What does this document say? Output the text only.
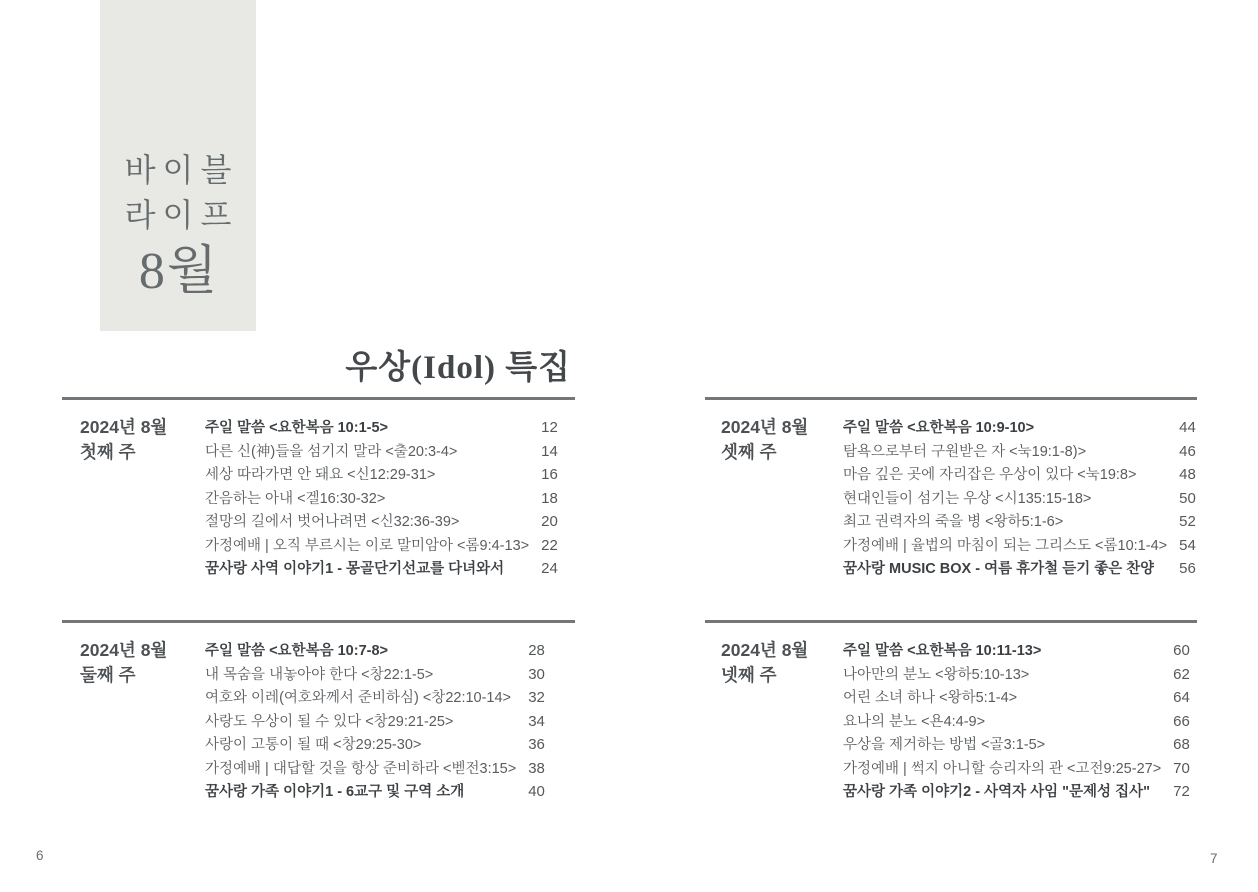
바이블
라이프
8월
우상(Idol) 특집
2024년 8월
첫째 주
주일 말씀 <요한복음 10:1-5>	12
다른 신(神)들을 섬기지 말라 <출20:3-4>	14
세상 따라가면 안 돼요 <신12:29-31>	16
간음하는 아내 <겔16:30-32>	18
절망의 길에서 벗어나려면 <신32:36-39>	20
가정예배 | 오직 부르시는 이로 말미암아 <롬9:4-13> 22
꿈사랑 사역 이야기1 - 몽골단기선교를 다녀와서 24
2024년 8월
둘째 주
주일 말씀 <요한복음 10:7-8>	28
내 목숨을 내놓아야 한다 <창22:1-5>	30
여호와 이레(여호와께서 준비하심) <창22:10-14> 32
사랑도 우상이 될 수 있다 <창29:21-25>	34
사랑이 고통이 될 때 <창29:25-30>	36
가정예배 | 대답할 것을 항상 준비하라 <벧전3:15> 38
꿈사랑 가족 이야기1 - 6교구 및 구역 소개	40
2024년 8월
셋째 주
주일 말씀 <요한복음 10:9-10>	44
탐욕으로부터 구원받은 자 <눅19:1-8)>	46
마음 깊은 곳에 자리잡은 우상이 있다 <눅19:8>	48
현대인들이 섬기는 우상 <시135:15-18>	50
최고 권력자의 죽을 병 <왕하5:1-6>	52
가정예배 | 율법의 마침이 되는 그리스도 <롬10:1-4> 54
꿈사랑 MUSIC BOX - 여름 휴가철 듣기 좋은 찬양 56
2024년 8월
넷째 주
주일 말씀 <요한복음 10:11-13>	60
나아만의 분노 <왕하5:10-13>	62
어린 소녀 하나 <왕하5:1-4>	64
요나의 분노 <욘4:4-9>	66
우상을 제거하는 방법 <골3:1-5>	68
가정예배 | 썩지 아니할 승리자의 관 <고전9:25-27> 70
꿈사랑 가족 이야기2 - 사역자 사임 "문제성 집사" 72
6	7
